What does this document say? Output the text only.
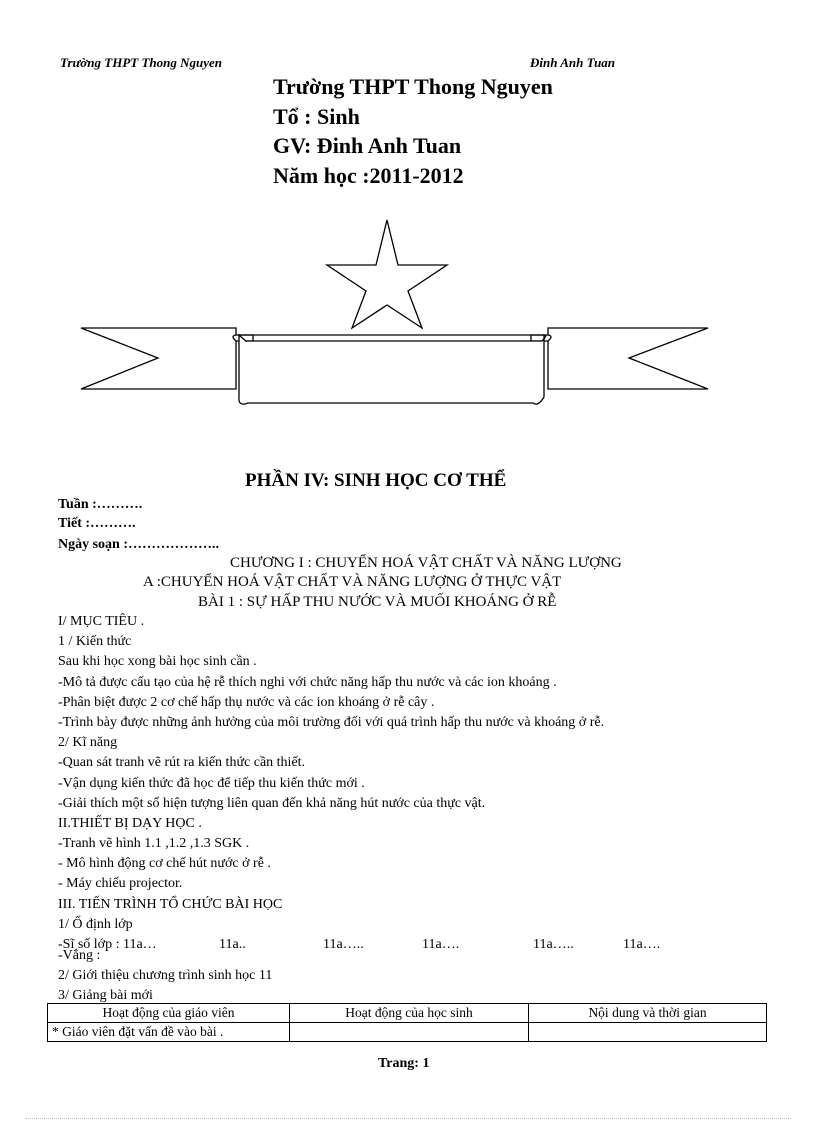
Trường THPT Thong Nguyen	Đinh Anh Tuan
Trường THPT Thong Nguyen
Tổ : Sinh
GV: Đinh Anh Tuan
Năm học :2011-2012
PHẦN IV: SINH HỌC CƠ THỂ
Tuần :……….
Tiết :……….
Ngày soạn :………………..
CHƯƠNG I : CHUYỂN HOÁ VẬT CHẤT VÀ NĂNG LƯỢNG
A :CHUYỂN HOÁ VẬT CHẤT VÀ NĂNG LƯỢNG Ở THỰC VẬT
BÀI 1 : SỰ HẤP THU NƯỚC VÀ MUỐI KHOÁNG Ở RỄ
I/ MỤC TIÊU .
1 / Kiến thức
Sau khi học xong bài học sinh cần .
-Mô tả được cấu tạo của hệ rễ thích nghi với chức năng hấp thu nước và các ion khoáng .
-Phân biệt được 2 cơ chế hấp thụ nước và các ion khoáng ở rễ cây .
-Trình bày được những ảnh hưởng của môi trường đối với quá trình hấp thu nước và khoáng ở rễ.
2/ Kĩ năng
-Quan sát tranh vẽ rút ra kiến thức cần thiết.
-Vận dụng kiến thức đã học để tiếp thu kiến thức mới .
-Giải thích một số hiện tượng liên quan đến khả năng hút nước của thực vật.
II.THIẾT BỊ DẠY HỌC .
-Tranh vẽ hình 1.1 ,1.2 ,1.3 SGK .
- Mô hình động cơ chế hút nước ở rễ .
- Máy chiếu projector.
III. TIẾN TRÌNH TỔ CHỨC BÀI HỌC
1/ Ổ định lớp
-Sĩ số lớp : 11a…	11a..	11a…..	11a….	11a…..	11a….
-Vắng :
2/ Giới thiệu chương trình sinh học 11
3/ Giảng bài mới
Hoạt động của giáo viên	Hoạt động của học sinh	Nội dung và thời gian
* Giáo viên đặt vấn đề vào bài .		
Trang: 1
